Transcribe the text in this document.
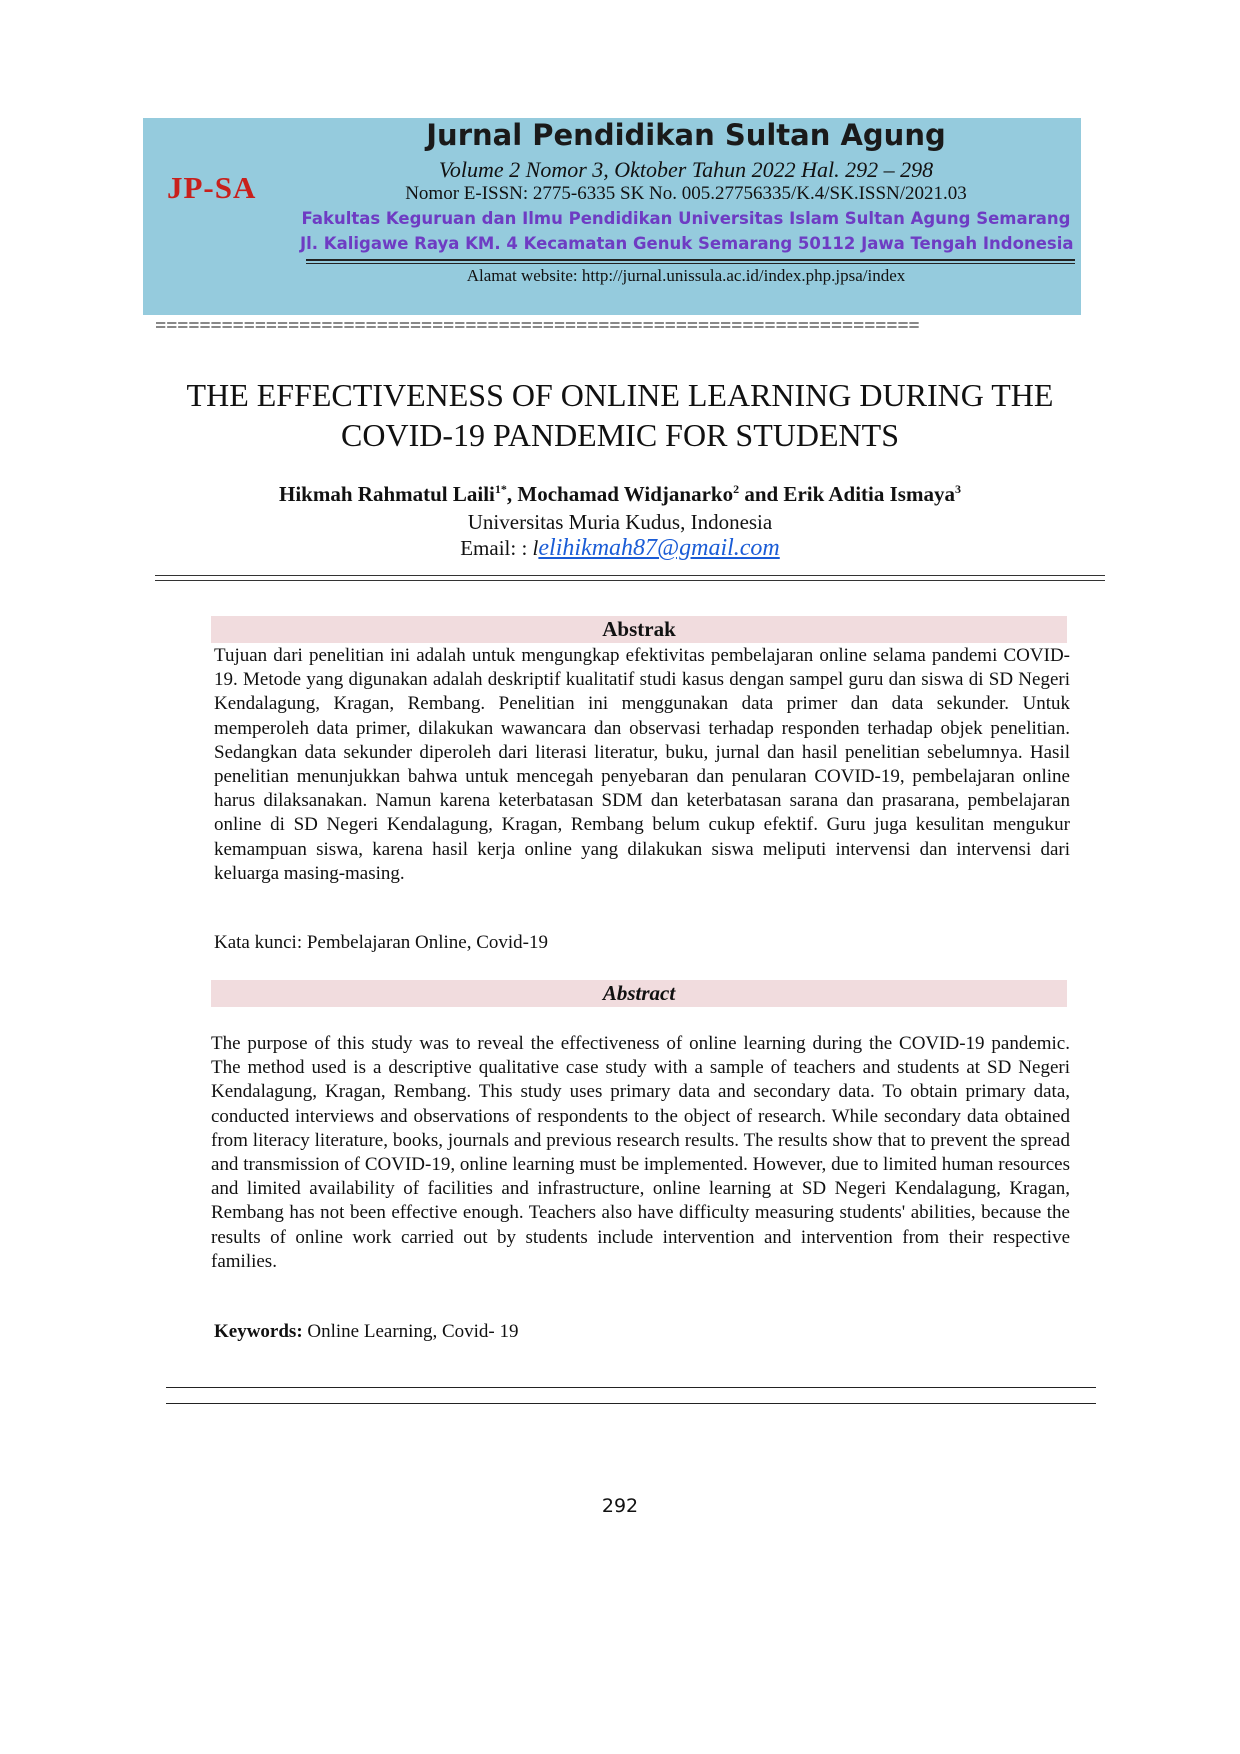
JP-SA
Jurnal Pendidikan Sultan Agung
Volume 2 Nomor 3, Oktober Tahun 2022 Hal. 292 – 298
Nomor E-ISSN: 2775-6335 SK No. 005.27756335/K.4/SK.ISSN/2021.03
Fakultas Keguruan dan Ilmu Pendidikan Universitas Islam Sultan Agung Semarang
Jl. Kaligawe Raya KM. 4 Kecamatan Genuk Semarang 50112 Jawa Tengah Indonesia
Alamat website: http://jurnal.unissula.ac.id/index.php.jpsa/index
=====================================================================
THE EFFECTIVENESS OF ONLINE LEARNING DURING THE
COVID-19 PANDEMIC FOR STUDENTS
Hikmah Rahmatul Laili$^{1*}$, Mochamad Widjanarko$^2$ and Erik Aditia Ismaya$^3$
Universitas Muria Kudus, Indonesia
Email: : lelihikmah87@gmail.com
Abstrak

Tujuan dari penelitian ini adalah untuk mengungkap efektivitas pembelajaran online selama pandemi COVID-19. Metode yang digunakan adalah deskriptif kualitatif studi kasus dengan sampel guru dan siswa di SD Negeri Kendalagung, Kragan, Rembang. Penelitian ini menggunakan data primer dan data sekunder. Untuk memperoleh data primer, dilakukan wawancara dan observasi terhadap responden terhadap objek penelitian. Sedangkan data sekunder diperoleh dari literasi literatur, buku, jurnal dan hasil penelitian sebelumnya. Hasil penelitian menunjukkan bahwa untuk mencegah penyebaran dan penularan COVID-19, pembelajaran online harus dilaksanakan. Namun karena keterbatasan SDM dan keterbatasan sarana dan prasarana, pembelajaran online di SD Negeri Kendalagung, Kragan, Rembang belum cukup efektif. Guru juga kesulitan mengukur kemampuan siswa, karena hasil kerja online yang dilakukan siswa meliputi intervensi dan intervensi dari keluarga masing-masing.

Kata kunci: Pembelajaran Online, Covid-19
Abstract

The purpose of this study was to reveal the effectiveness of online learning during the COVID-19 pandemic. The method used is a descriptive qualitative case study with a sample of teachers and students at SD Negeri Kendalagung, Kragan, Rembang. This study uses primary data and secondary data. To obtain primary data, conducted interviews and observations of respondents to the object of research. While secondary data obtained from literacy literature, books, journals and previous research results. The results show that to prevent the spread and transmission of COVID-19, online learning must be implemented. However, due to limited human resources and limited availability of facilities and infrastructure, online learning at SD Negeri Kendalagung, Kragan, Rembang has not been effective enough. Teachers also have difficulty measuring students' abilities, because the results of online work carried out by students include intervention and intervention from their respective families.

Keywords: Online Learning, Covid- 19
292
